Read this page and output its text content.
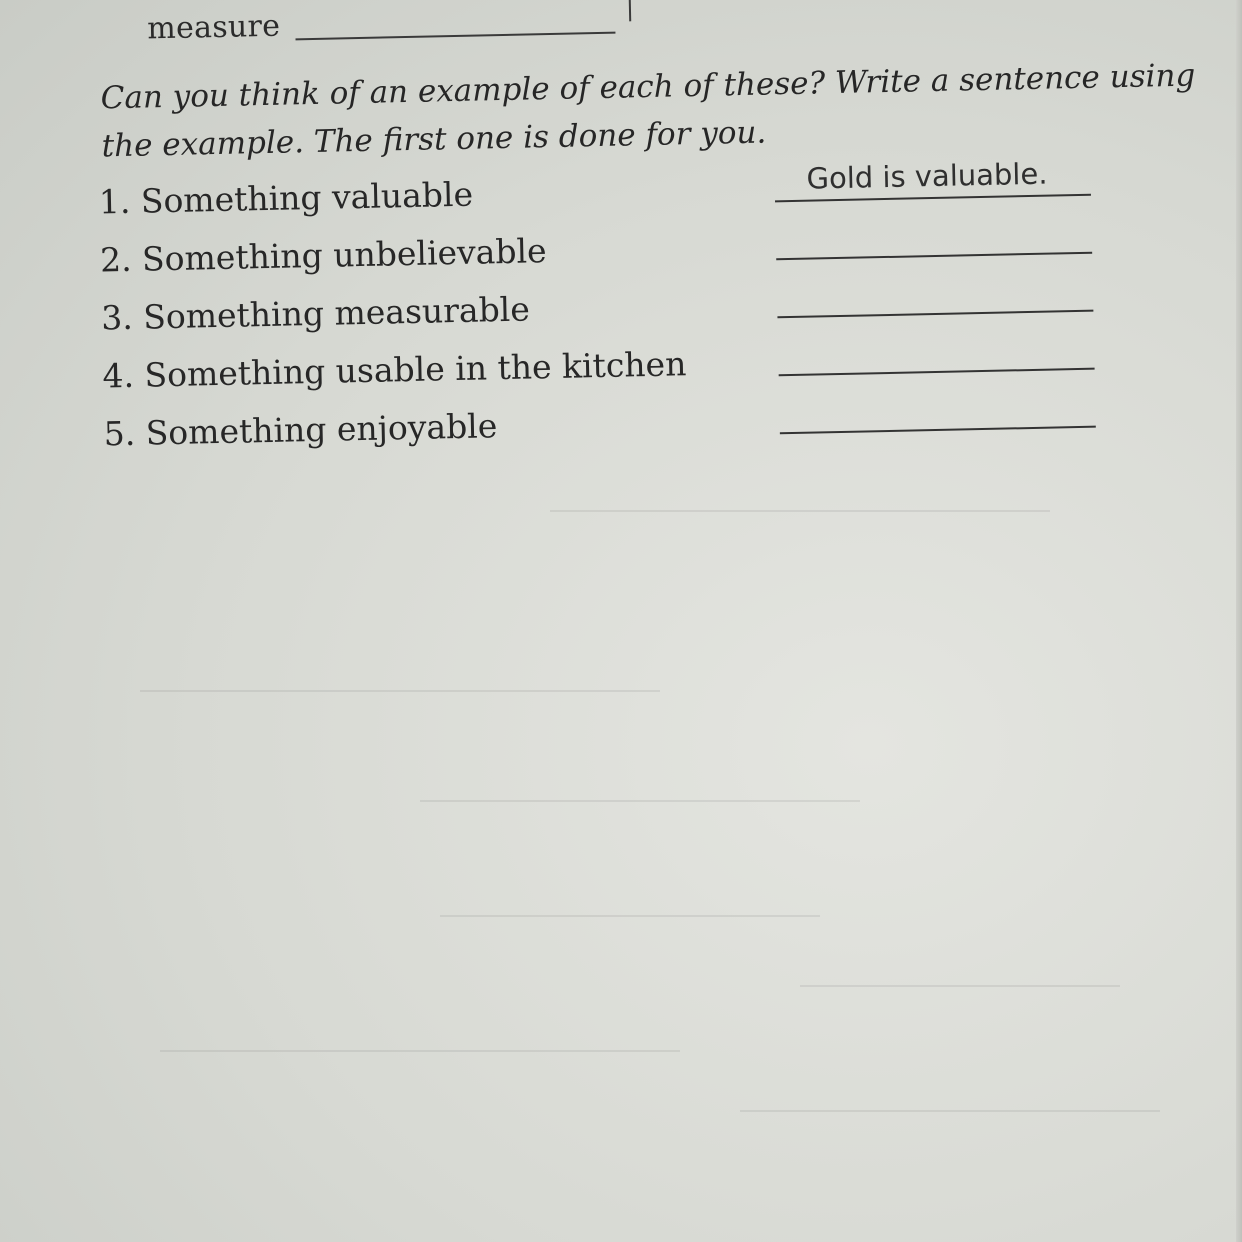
measure
Can you think of an example of each of these? Write a sentence using
the example. The first one is done for you.
1. Something valuable	Gold is valuable.
2. Something unbelievable
3. Something measurable
4. Something usable in the kitchen
5. Something enjoyable
